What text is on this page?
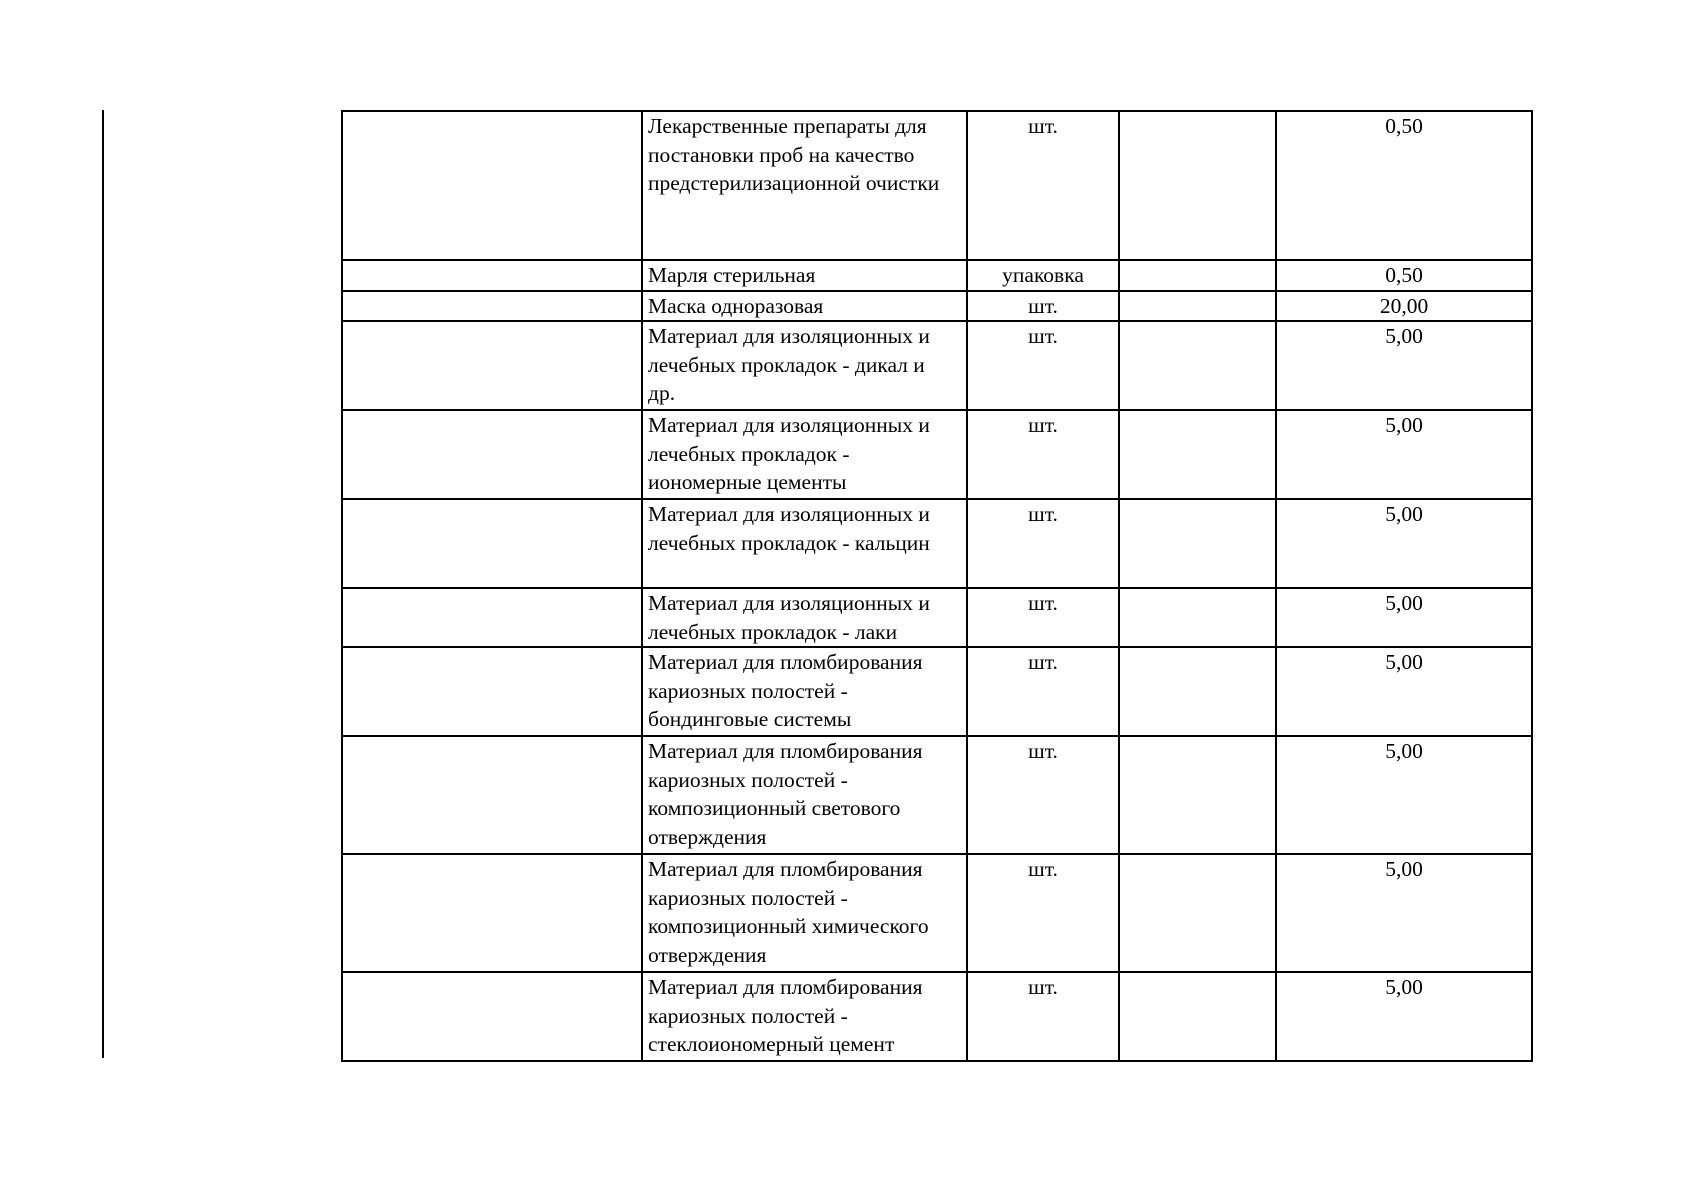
	Лекарственные препараты для
постановки проб на качество
предстерилизационной очистки	шт.		0,50
	Марля стерильная	упаковка		0,50
	Маска одноразовая	шт.		20,00
	Материал для изоляционных и
лечебных прокладок - дикал и
др.	шт.		5,00
	Материал для изоляционных и
лечебных прокладок -
иономерные цементы	шт.		5,00
	Материал для изоляционных и
лечебных прокладок - кальцин	шт.		5,00
	Материал для изоляционных и
лечебных прокладок - лаки	шт.		5,00
	Материал для пломбирования
кариозных полостей -
бондинговые системы	шт.		5,00
	Материал для пломбирования
кариозных полостей -
композиционный светового
отверждения	шт.		5,00
	Материал для пломбирования
кариозных полостей -
композиционный химического
отверждения	шт.		5,00
	Материал для пломбирования
кариозных полостей -
стеклоиономерный цемент	шт.		5,00
